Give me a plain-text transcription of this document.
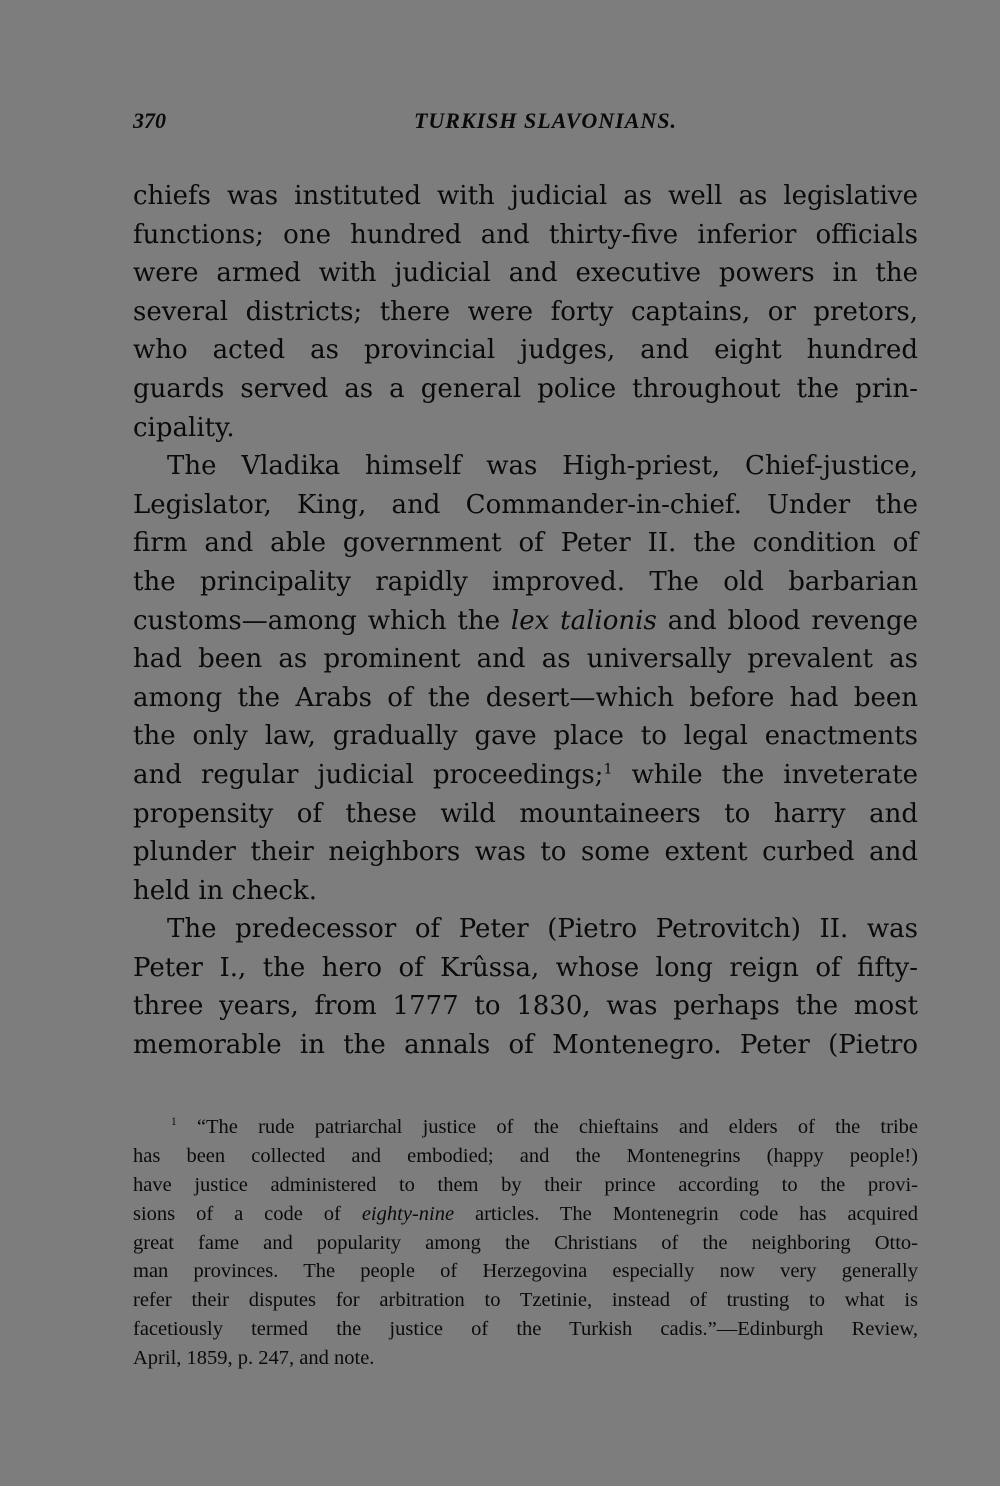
370	TURKISH SLAVONIANS.
chiefs was instituted with judicial as well as legislative
functions; one hundred and thirty-five inferior officials
were armed with judicial and executive powers in the
several districts; there were forty captains, or pretors,
who acted as provincial judges, and eight hundred
guards served as a general police throughout the prin-
cipality.
The Vladika himself was High-priest, Chief-justice,
Legislator, King, and Commander-in-chief. Under the
firm and able government of Peter II. the condition of
the principality rapidly improved. The old barbarian
customs—among which the lex talionis and blood revenge
had been as prominent and as universally prevalent as
among the Arabs of the desert—which before had been
the only law, gradually gave place to legal enactments
and regular judicial proceedings;$^1$ while the inveterate
propensity of these wild mountaineers to harry and
plunder their neighbors was to some extent curbed and
held in check.
The predecessor of Peter (Pietro Petrovitch) II. was
Peter I., the hero of Krûssa, whose long reign of fifty-
three years, from 1777 to 1830, was perhaps the most
memorable in the annals of Montenegro. Peter (Pietro
$^1$ “The rude patriarchal justice of the chieftains and elders of the tribe
has been collected and embodied; and the Montenegrins (happy people!)
have justice administered to them by their prince according to the provi-
sions of a code of eighty-nine articles. The Montenegrin code has acquired
great fame and popularity among the Christians of the neighboring Otto-
man provinces. The people of Herzegovina especially now very generally
refer their disputes for arbitration to Tzetinie, instead of trusting to what is
facetiously termed the justice of the Turkish cadis.”—Edinburgh Review,
April, 1859, p. 247, and note.
